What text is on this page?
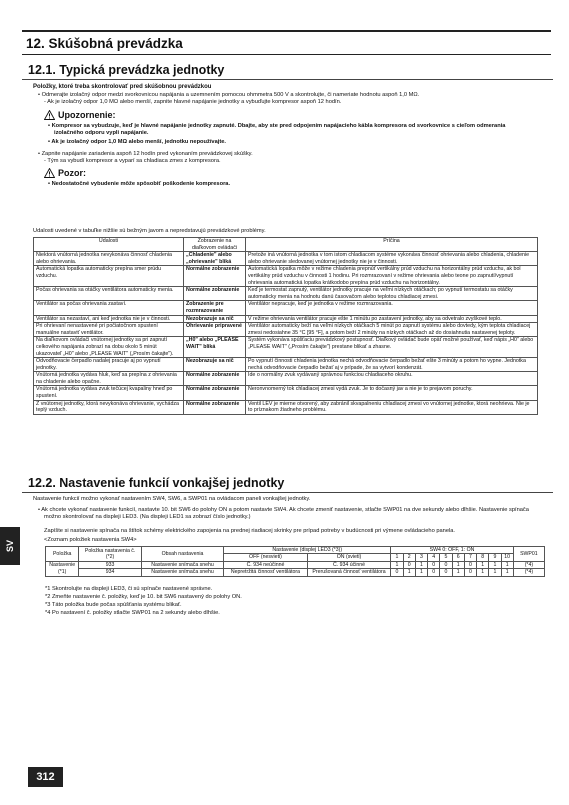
12. Skúšobná prevádzka
12.1. Typická prevádzka jednotky
Položky, ktoré treba skontrolovať pred skúšobnou prevádzkou
• Odmerajte izolačný odpor medzi svorkovnicou napájania a uzemnením pomocou ohmmetra 500 V a skontrolujte, či nameriate hodnotu aspoň 1,0 MΩ.
- Ak je izolačný odpor 1,0 MΩ alebo menší, zapnite hlavné napájanie jednotky a vybuďujte kompresor aspoň 12 hodín.
Upozornenie:
• Kompresor sa vybudzuje, keď je hlavné napájanie jednotky zapnuté. Dbajte, aby ste pred odpojením napájacieho kábla kompresora od svorkovnice s cieľom odmerania izolačného odporu vypli napájanie.
• Ak je izolačný odpor 1,0 MΩ alebo menší, jednotku nepoužívajte.
• Zapnite napájanie zariadenia aspoň 12 hodín pred vykonaním prevádzkovej skúšky.
- Tým sa vybudí kompresor a vyparí sa chladiaca zmes z kompresora.
Pozor:
• Nedostatočné vybudenie môže spôsobiť poškodenie kompresora.
Udalosti uvedené v tabuľke nižšie sú bežným javom a nepredstavujú prevádzkové problémy.
Udalosti	Zobrazenie na diaľkovom ovládači	Príčina
Niektorá vnútorná jednotka nevykonáva činnosť chladenia alebo ohrievania.	„Chladenie" alebo „ohrievanie" bliká	Pretože iná vnútorná jednotka v tom istom chladiacom systéme vykonáva činnosť ohrievania alebo chladenia, chladenie alebo ohrievanie sledovanej vnútornej jednotky nie je v činnosti.
Automatická lopatka automaticky prepína smer prúdu vzduchu.	Normálne zobrazenie	Automatická lopatka môže v režime chladenia prepnúť vertikálny prúd vzduchu na horizontálny prúd vzduchu, ak bol vertikálny prúd vzduchu v činnosti 1 hodinu. Pri rozmrazovaní v režime ohrievania alebo teone po zapnutí/vypnutí ohrievania automatická lopatka krátkodobo prepína prúd vzduchu na horizontálny.
Počas ohrievania sa otáčky ventilátora automaticky menia.	Normálne zobrazenie	Keď je termostat zapnutý, ventilátor jednotky pracuje na veľmi nízkych otáčkach; po vypnutí termostatu sa otáčky automaticky menia na hodnotu danú časovačom alebo teplotou chladiacej zmesi.
Ventilátor sa počas ohrievania zastaví.	Zobrazenie pre rozmrazovanie	Ventilátor nepracuje, keď je jednotka v režime rozmrazovania.
Ventilátor sa nezastaví, ani keď jednotka nie je v činnosti.	Nezobrazuje sa nič	V režime ohrievania ventilátor pracuje ešte 1 minútu po zastavení jednotky, aby sa odvetralo zvyškové teplo.
Pri ohrievaní nenastavené pri počiatočnom spustení manuálne nastaviť ventilátor.	Ohrievanie pripravené	Ventilátor automaticky beží na veľmi nízkych otáčkach 5 minút po zapnutí systému alebo dovtedy, kým teplota chladiacej zmesi nedosiahne 35 °C [95 °F], a potom beží 2 minúty na nízkych otáčkach až do dosiahnutia nastavenej teploty.
Na diaľkovom ovládači vnútornej jednotky sa pri zapnutí celkového napájania zobrazí na dobu okolo 5 minút ukazovateľ „H0" alebo „PLEASE WAIT" („Prosím čakajte").	„H0" alebo „PLEASE WAIT" bliká	Systém vykonáva spúšťaciu prevádzkový postupnosť. Diaľkový ovládač bude opäť možné používať, keď nápis „H0" alebo „PLEASE WAIT" („Prosím čakajte") prestane blikať a zhasne.
Odvodňovacie čerpadlo nadalej pracuje aj po vypnutí jednotky.	Nezobrazuje sa nič	Po vypnutí činnosti chladenia jednotka nechá odvodňovacie čerpadlo bežať ešte 3 minúty a potom ho vypne. Jednotka nechá odvodňovacie čerpadlo bežať aj v prípade, že sa vytvorí kondenzát.
Vnútorná jednotka vydáva hluk, keď sa prepína z ohrievania na chladenie alebo opačne.	Normálne zobrazenie	Ide o normálny zvuk vydávaný správnou funkciou chladiaceho okruhu.
Vnútorná jednotka vydáva zvuk tečúcej kvapaliny hneď po spustení.	Normálne zobrazenie	Neronvnomerný tok chladiacej zmesi vydá zvuk. Je to dočasný jav a nie je to prejavom poruchy.
Z vnútornej jednotky, ktorá nevykonáva ohrievanie, vychádza teplý vzduch.	Normálne zobrazenie	Ventil LEV je mierne otvorený, aby zabránil skvapalneniu chladiacej zmesi vo vnútornej jednotke, ktorá neohrieva. Nie je to príznakom žiadneho problému.
12.2. Nastavenie funkcií vonkajšej jednotky
Nastavenie funkcií možno vykonať nastavením SW4, SW6, a SWP01 na ovládacom paneli vonkajšej jednotky.
• Ak chcete vykonať nastavenie funkcií, nastavte 10. bit SW6 do polohy ON a potom nastavte SW4. Ak chcete zmeniť nastavenie, stlačte SWP01 na dve sekundy alebo dlhšie. Nastavenie spínača možno skontrolovať na displeji LED3. (Na displeji LED1 sa zobrazí číslo jednotky.)
Zapíšte si nastavenie spínača na štítok schémy elektrického zapojenia na prednej riadiacej skrinky pre prípad potreby v budúcnosti pri výmene ovládacieho panela.
<Zoznam položiek nastavenia SW4>
Položka	Položka nastavenia č. (*2)	Obsah nastavenia	Nastavenie (displej LED3 (*3))		SW4 0: OFF, 1: ON										SWP01
			OFF (nesvieti)	ON (svieti)	1	2	3	4	5	6	7	8	9	10	
Nastavenie (*1)	933	Nastavenie snímača snehu	Č. 934 neúčinné	Č. 934 účinné	1	0	1	0	0	1	0	1	1	1	(*4)
	934	Nastavenie snímača snehu	Nepretržitá činnosť ventilátora	Prerušovaná činnosť ventilátora	0	1	1	0	0	1	0	1	1	1	(*4)
*1 Skontrolujte na displeji LED3, či sú spínače nastavené správne.
*2 Zmeňte nastavenie č. položky, keď je 10. bit SW6 nastavený do polohy ON.
*3 Táto položka bude počas spúšťania systému blikať.
*4 Po nastavení č. položky stlačte SWP01 na 2 sekundy alebo dlhšie.
SV
312
